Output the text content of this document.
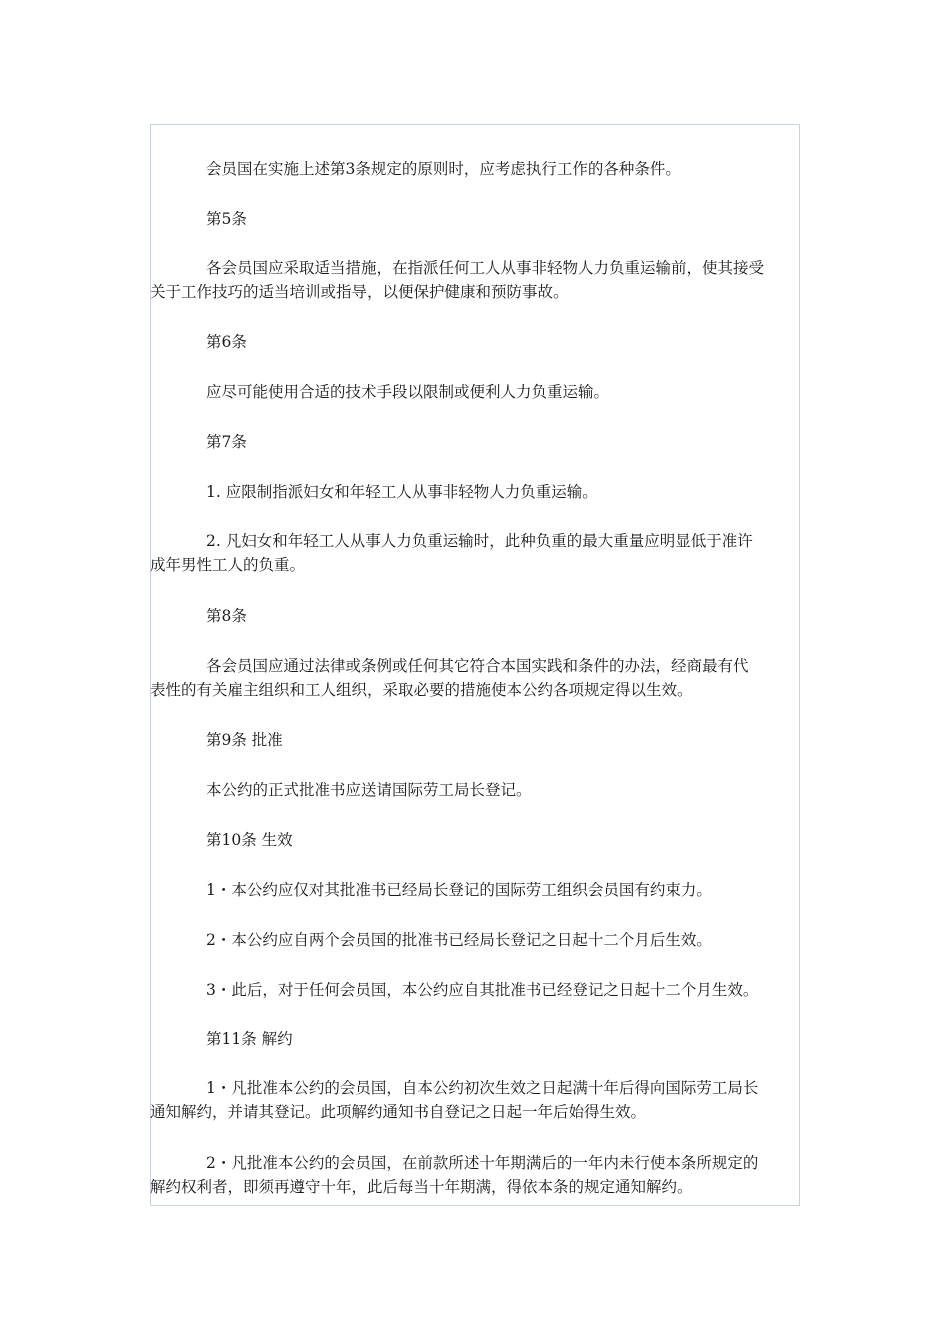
会员国在实施上述第3条规定的原则时，应考虑执行工作的各种条件。

第5条

各会员国应采取适当措施，在指派任何工人从事非轻物人力负重运输前，使其接受
关于工作技巧的适当培训或指导，以便保护健康和预防事故。

第6条

应尽可能使用合适的技术手段以限制或便利人力负重运输。

第7条

1. 应限制指派妇女和年轻工人从事非轻物人力负重运输。

2. 凡妇女和年轻工人从事人力负重运输时，此种负重的最大重量应明显低于准许
成年男性工人的负重。

第8条

各会员国应通过法律或条例或任何其它符合本国实践和条件的办法，经商最有代
表性的有关雇主组织和工人组织，采取必要的措施使本公约各项规定得以生效。

第9条 批准

本公约的正式批准书应送请国际劳工局长登记。

第10条 生效

1・本公约应仅对其批准书已经局长登记的国际劳工组织会员国有约束力。

2・本公约应自两个会员国的批准书已经局长登记之日起十二个月后生效。

3・此后，对于任何会员国，本公约应自其批准书已经登记之日起十二个月生效。

第11条 解约

1・凡批准本公约的会员国，自本公约初次生效之日起满十年后得向国际劳工局长
通知解约，并请其登记。此项解约通知书自登记之日起一年后始得生效。
2・凡批准本公约的会员国，在前款所述十年期满后的一年内未行使本条所规定的
解约权利者，即须再遵守十年，此后每当十年期满，得依本条的规定通知解约。
